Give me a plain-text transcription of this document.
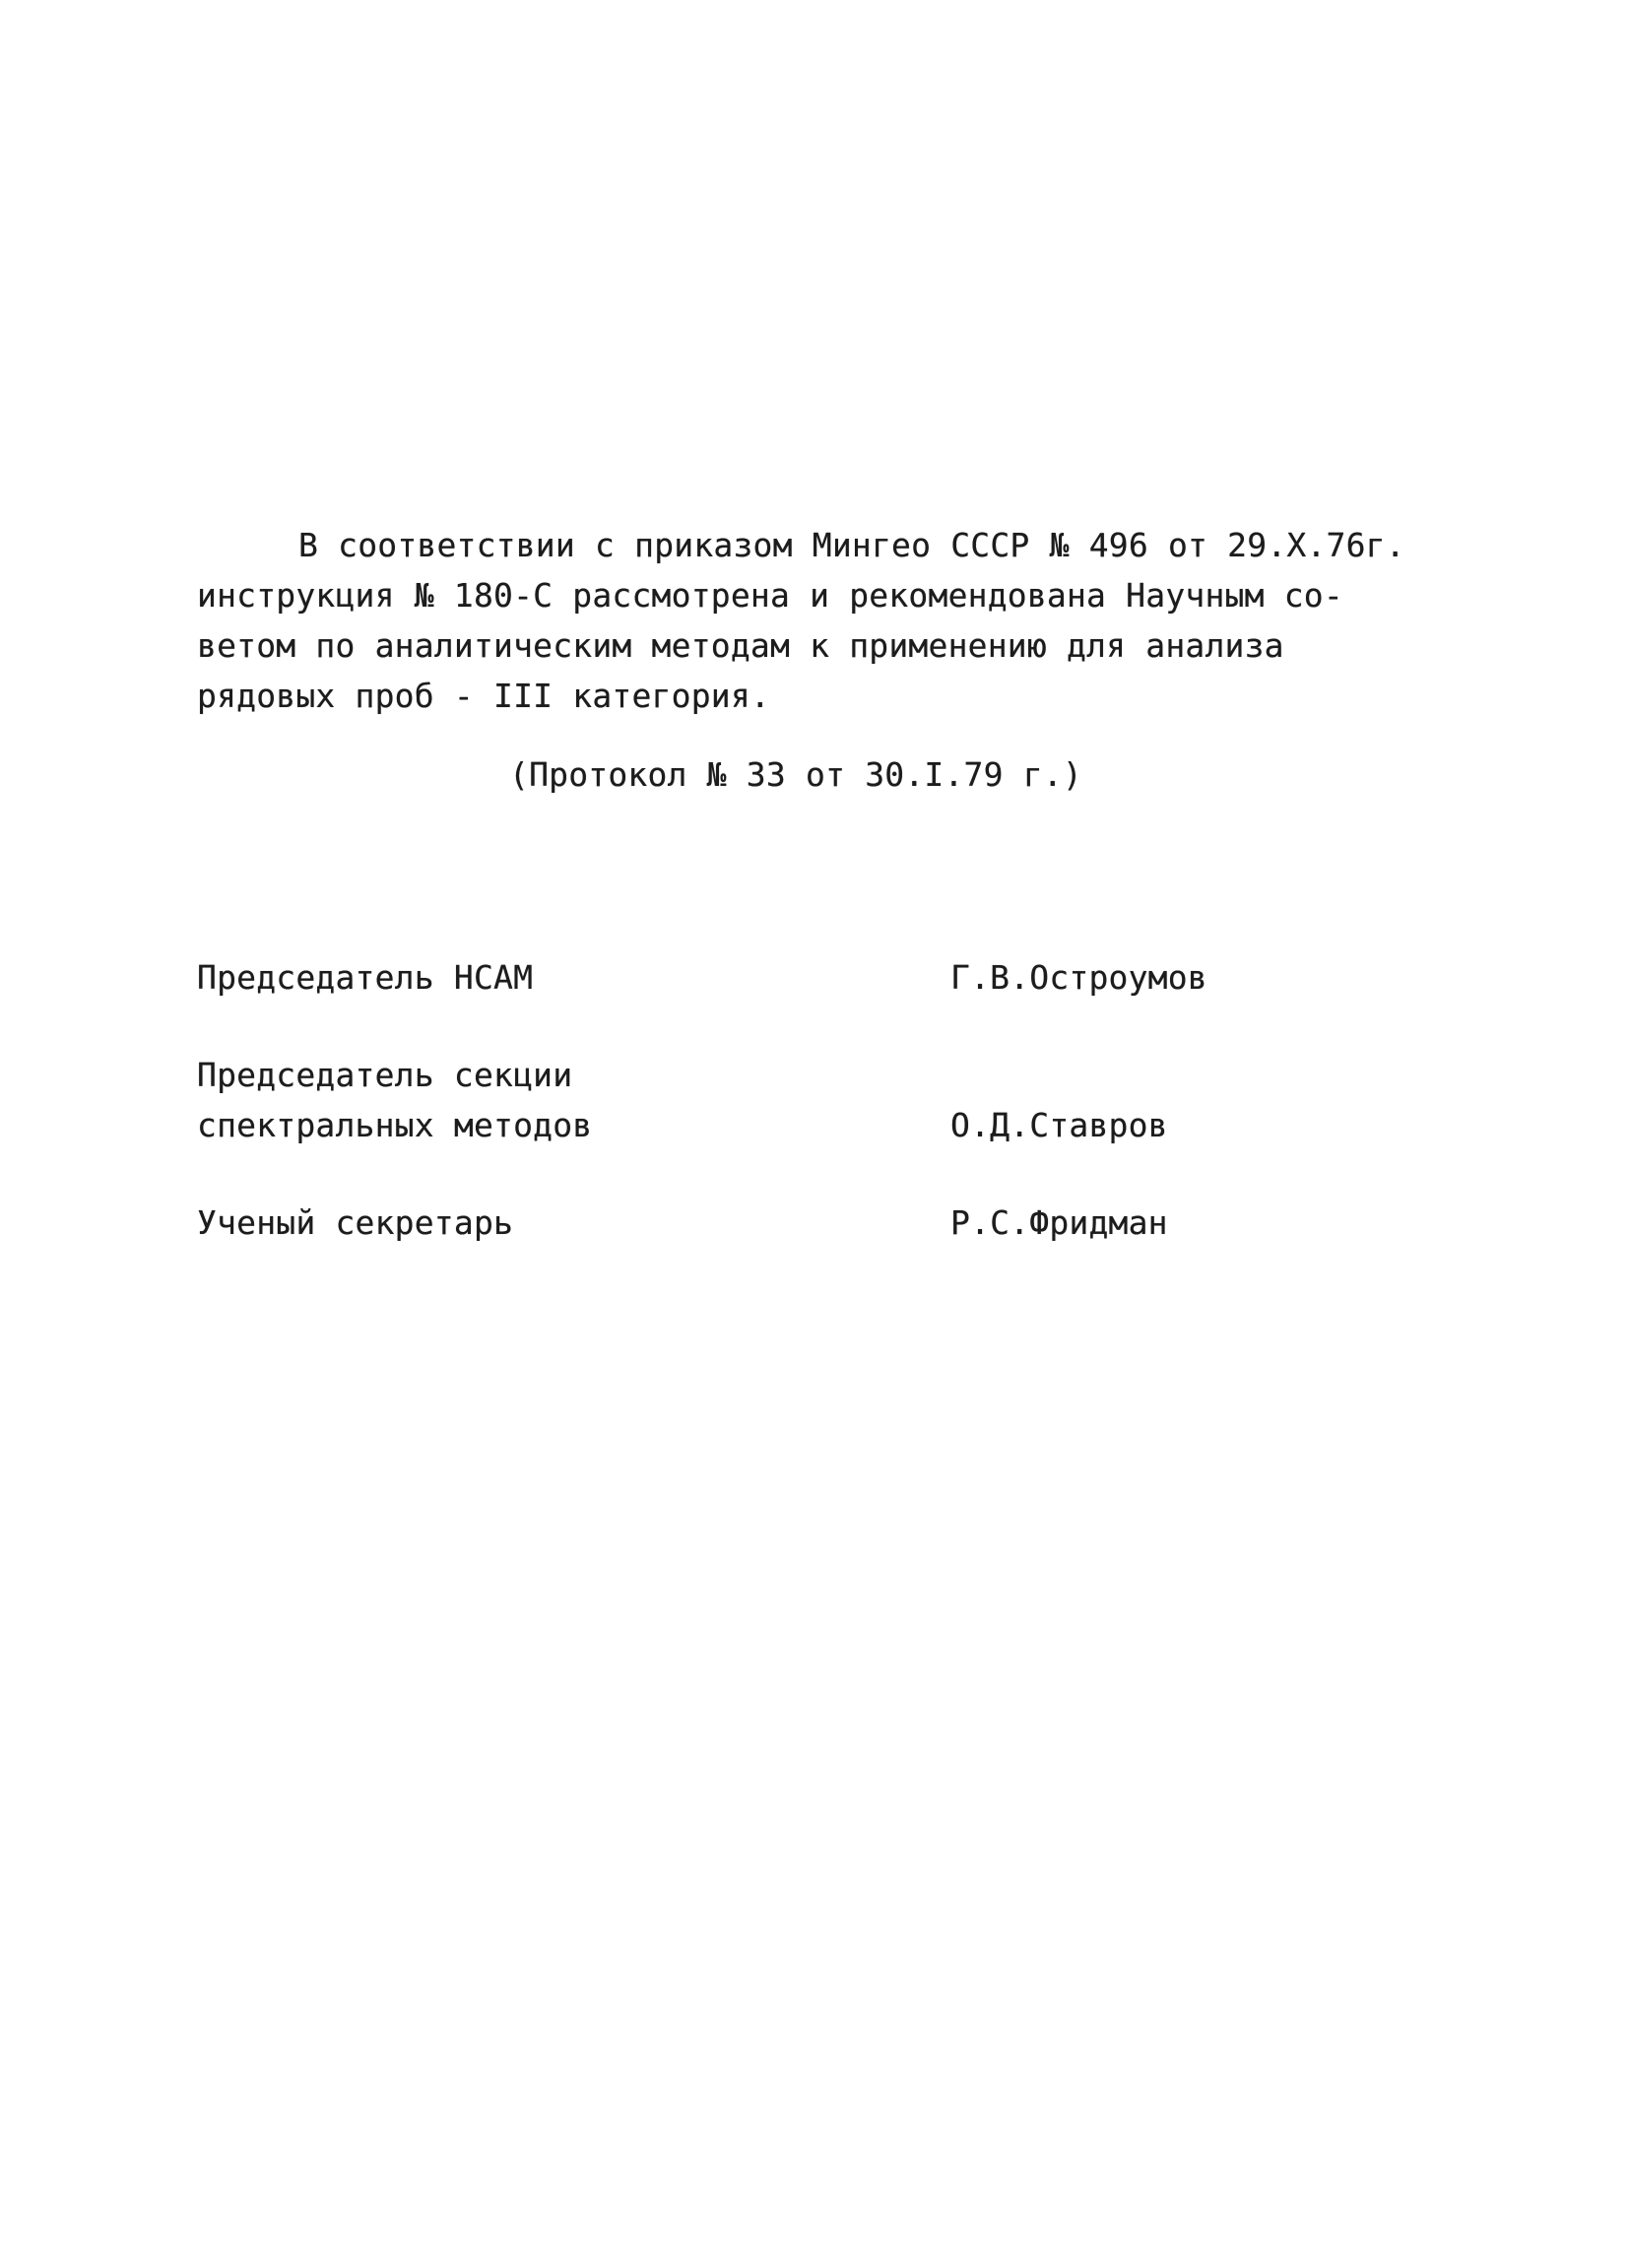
В соответствии с приказом Мингео СССР № 496 от 29.X.76г.
инструкция № 180-С рассмотрена и рекомендована Научным со-
ветом по аналитическим методам к применению для анализа
рядовых проб - III категория.
(Протокол № 33 от 30.I.79 г.)
Председатель НСАМ	Г.В.Остроумов
Председатель секции
спектральных методов	О.Д.Ставров
Ученый секретарь	Р.С.Фридман
